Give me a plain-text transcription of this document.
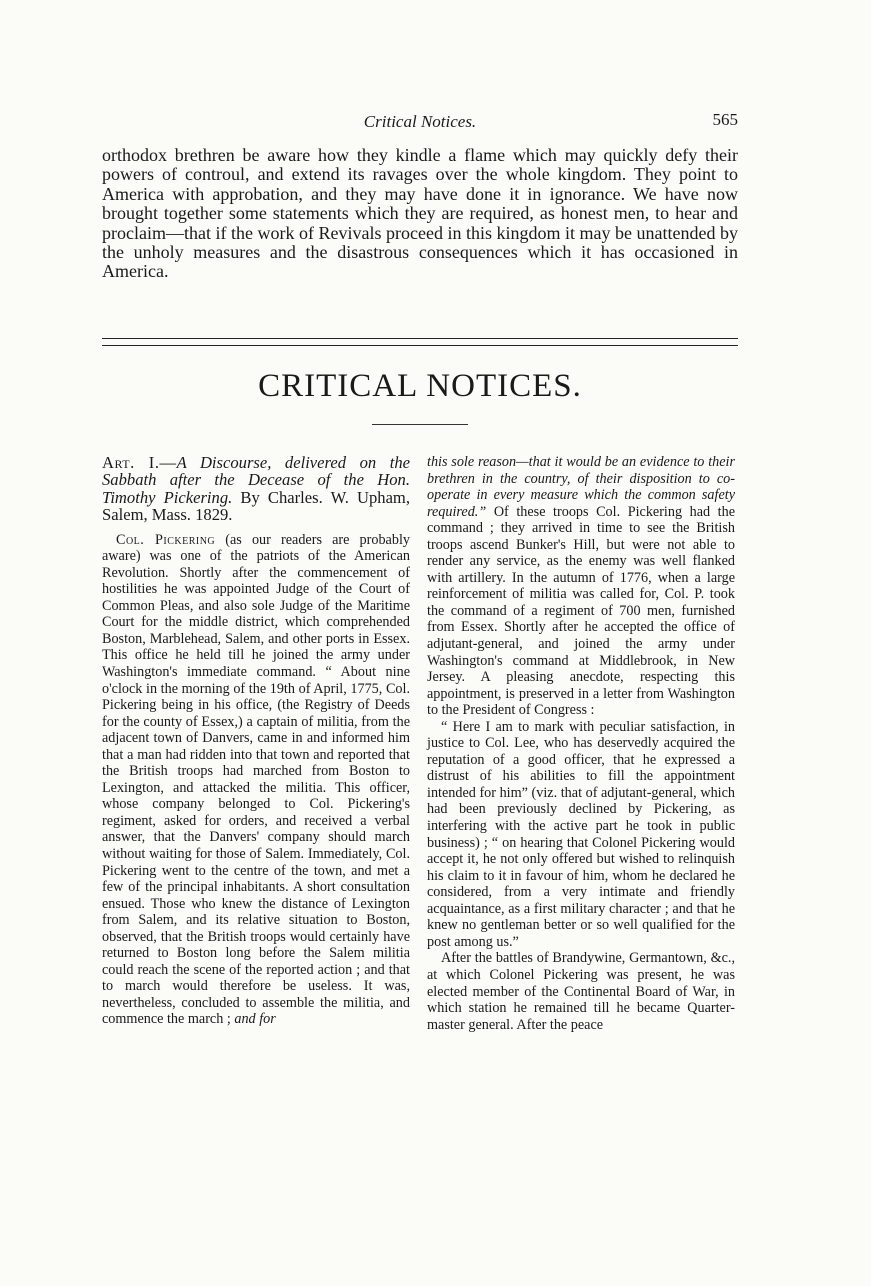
Critical Notices.	565

orthodox brethren be aware how they kindle a flame which may quickly defy their powers of controul, and extend its ravages over the whole kingdom. They point to America with approbation, and they may have done it in ignorance. We have now brought together some statements which they are required, as honest men, to hear and proclaim—that if the work of Revivals proceed in this kingdom it may be unattended by the unholy measures and the disastrous consequences which it has occasioned in America.

CRITICAL NOTICES.

Art. I.—A Discourse, delivered on the Sabbath after the Decease of the Hon. Timothy Pickering. By Charles. W. Upham, Salem, Mass. 1829.

Col. Pickering (as our readers are probably aware) was one of the patriots of the American Revolution. Shortly after the commencement of hostilities he was appointed Judge of the Court of Common Pleas, and also sole Judge of the Maritime Court for the middle district, which comprehended Boston, Marblehead, Salem, and other ports in Essex. This office he held till he joined the army under Washington's immediate command. “ About nine o'clock in the morning of the 19th of April, 1775, Col. Pickering being in his office, (the Registry of Deeds for the county of Essex,) a captain of militia, from the adjacent town of Danvers, came in and informed him that a man had ridden into that town and reported that the British troops had marched from Boston to Lexington, and attacked the militia. This officer, whose company belonged to Col. Pickering's regiment, asked for orders, and received a verbal answer, that the Danvers' company should march without waiting for those of Salem. Immediately, Col. Pickering went to the centre of the town, and met a few of the principal inhabitants. A short consultation ensued. Those who knew the distance of Lexington from Salem, and its relative situation to Boston, observed, that the British troops would certainly have returned to Boston long before the Salem militia could reach the scene of the reported action ; and that to march would therefore be useless. It was, nevertheless, concluded to assemble the militia, and commence the march ; and for

this sole reason—that it would be an evidence to their brethren in the country, of their disposition to co-operate in every measure which the common safety required.” Of these troops Col. Pickering had the command ; they arrived in time to see the British troops ascend Bunker's Hill, but were not able to render any service, as the enemy was well flanked with artillery. In the autumn of 1776, when a large reinforcement of militia was called for, Col. P. took the command of a regiment of 700 men, furnished from Essex. Shortly after he accepted the office of adjutant-general, and joined the army under Washington's command at Middlebrook, in New Jersey. A pleasing anecdote, respecting this appointment, is preserved in a letter from Washington to the President of Congress :

“ Here I am to mark with peculiar satisfaction, in justice to Col. Lee, who has deservedly acquired the reputation of a good officer, that he expressed a distrust of his abilities to fill the appointment intended for him” (viz. that of adjutant-general, which had been previously declined by Pickering, as interfering with the active part he took in public business) ; “ on hearing that Colonel Pickering would accept it, he not only offered but wished to relinquish his claim to it in favour of him, whom he declared he considered, from a very intimate and friendly acquaintance, as a first military character ; and that he knew no gentleman better or so well qualified for the post among us.”

After the battles of Brandywine, Germantown, &c., at which Colonel Pickering was present, he was elected member of the Continental Board of War, in which station he remained till he became Quarter-master general. After the peace
